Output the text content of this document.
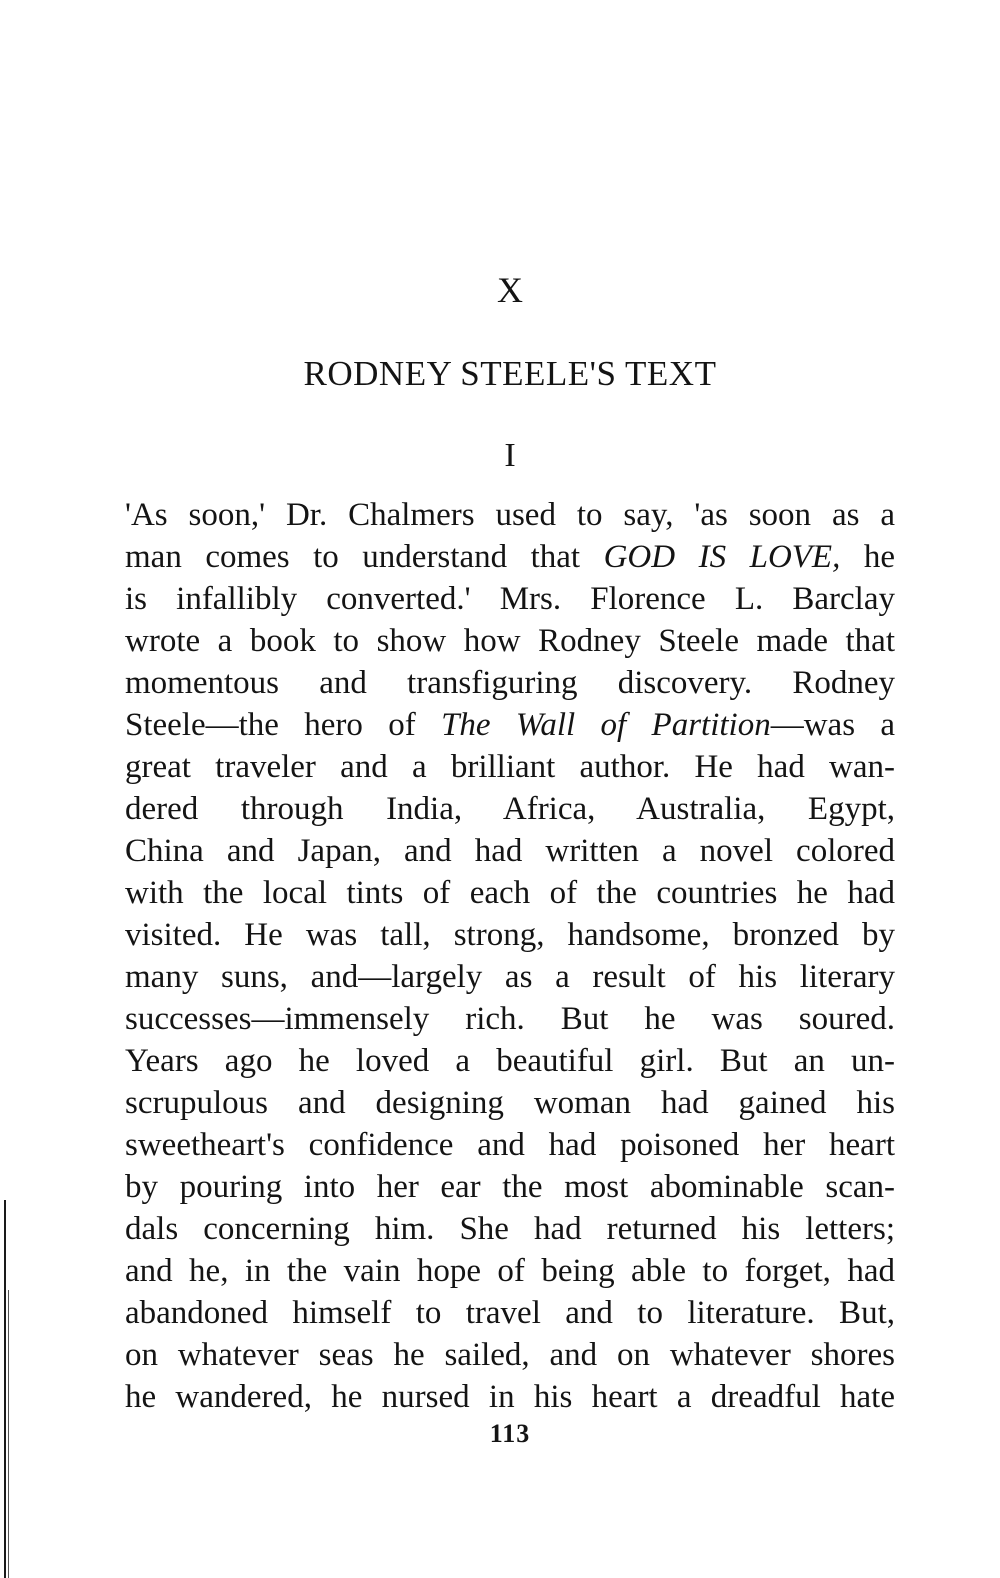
X
RODNEY STEELE'S TEXT
I
'As soon,' Dr. Chalmers used to say, 'as soon as a
man comes to understand that GOD IS LOVE, he
is infallibly converted.' Mrs. Florence L. Barclay
wrote a book to show how Rodney Steele made that
momentous and transfiguring discovery. Rodney
Steele—the hero of The Wall of Partition—was a
great traveler and a brilliant author. He had wan-
dered through India, Africa, Australia, Egypt,
China and Japan, and had written a novel colored
with the local tints of each of the countries he had
visited. He was tall, strong, handsome, bronzed by
many suns, and—largely as a result of his literary
successes—immensely rich. But he was soured.
Years ago he loved a beautiful girl. But an un-
scrupulous and designing woman had gained his
sweetheart's confidence and had poisoned her heart
by pouring into her ear the most abominable scan-
dals concerning him. She had returned his letters;
and he, in the vain hope of being able to forget, had
abandoned himself to travel and to literature. But,
on whatever seas he sailed, and on whatever shores
he wandered, he nursed in his heart a dreadful hate
113
